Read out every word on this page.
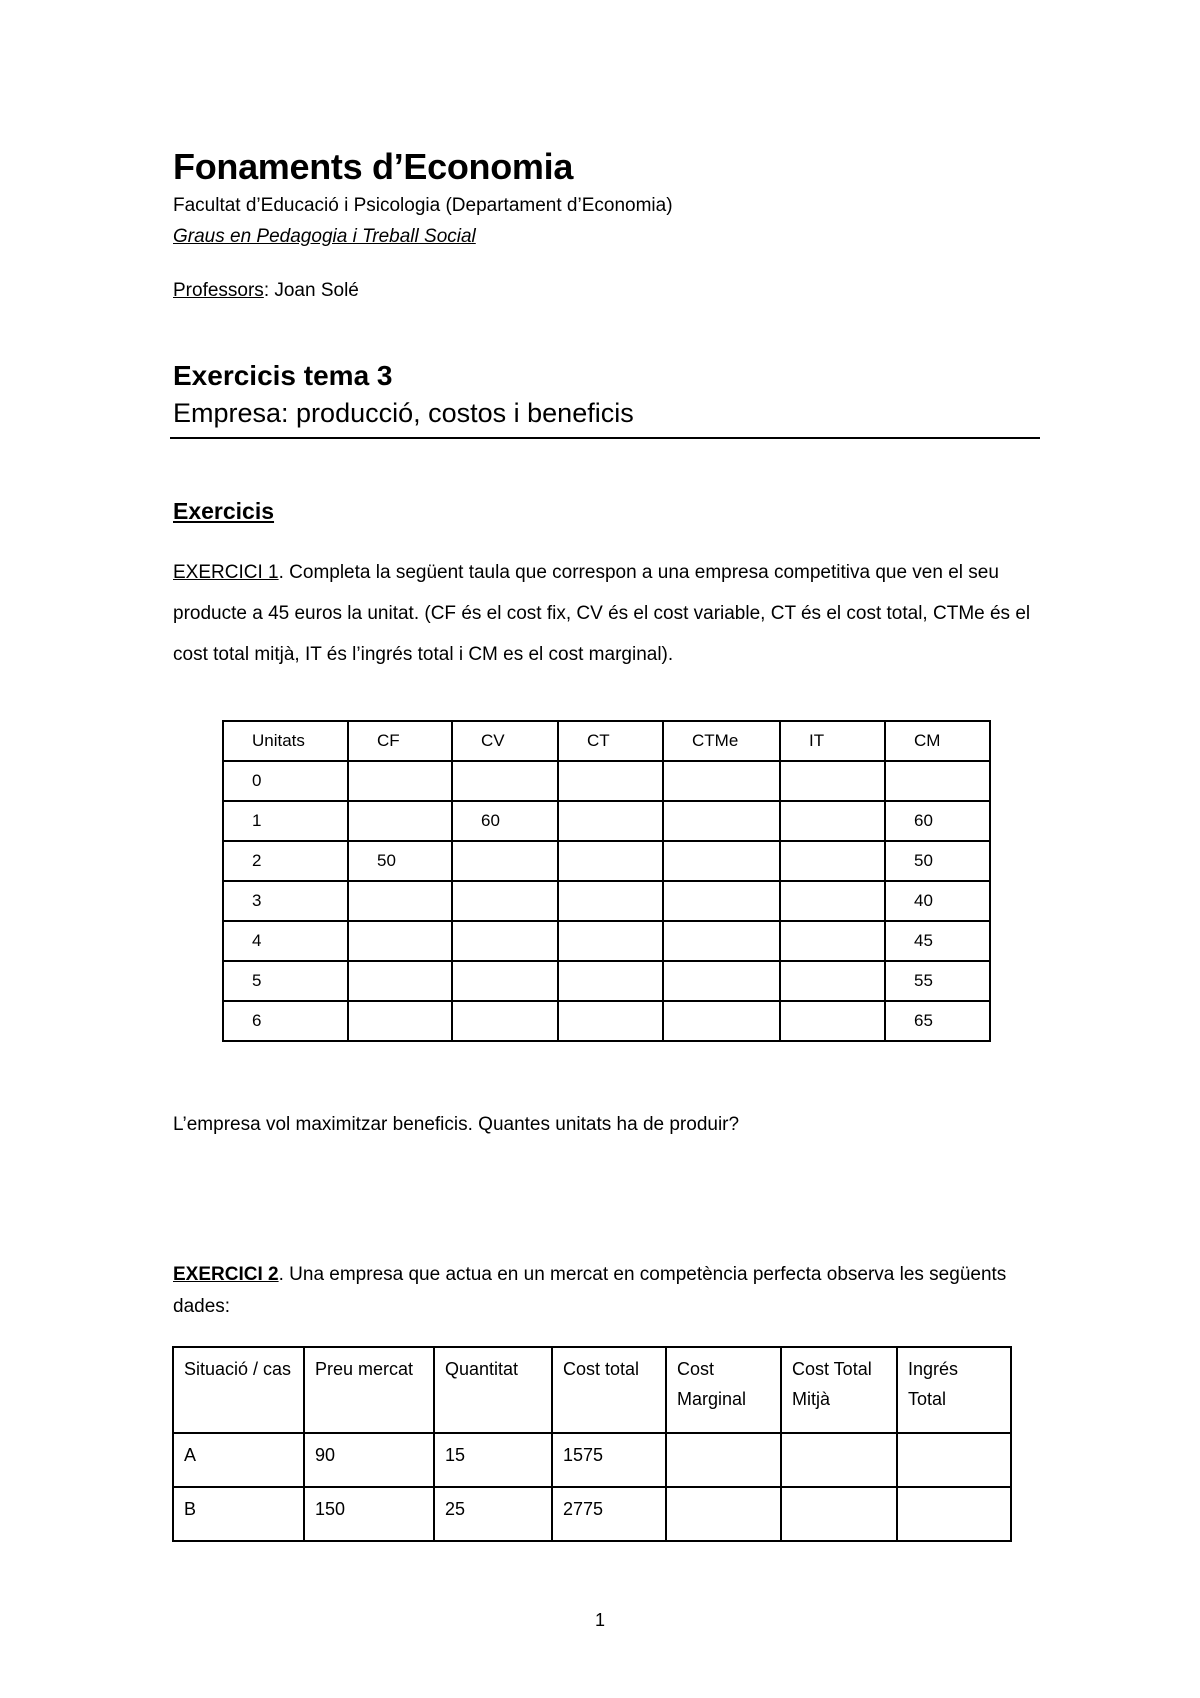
Fonaments d’Economia
Facultat d’Educació i Psicologia (Departament d’Economia)
Graus en Pedagogia i Treball Social
Professors: Joan Solé
Exercicis tema 3
Empresa: producció, costos i beneficis
Exercicis
EXERCICI 1. Completa la següent taula que correspon a una empresa competitiva que ven el seu producte a 45 euros la unitat. (CF és el cost fix, CV és el cost variable, CT és el cost total, CTMe és el cost total mitjà, IT és l’ingrés total i CM es el cost marginal).
Unitats	CF	CV	CT	CTMe	IT	CM
0						
1		60				60
2	50					50
3						40
4						45
5						55
6						65
L’empresa vol maximitzar beneficis. Quantes unitats ha de produir?
EXERCICI 2. Una empresa que actua en un mercat en competència perfecta observa les següents dades:
Situació / cas	Preu mercat	Quantitat	Cost total	Cost Marginal	Cost Total Mitjà	Ingrés Total
A	90	15	1575			
B	150	25	2775			
1
